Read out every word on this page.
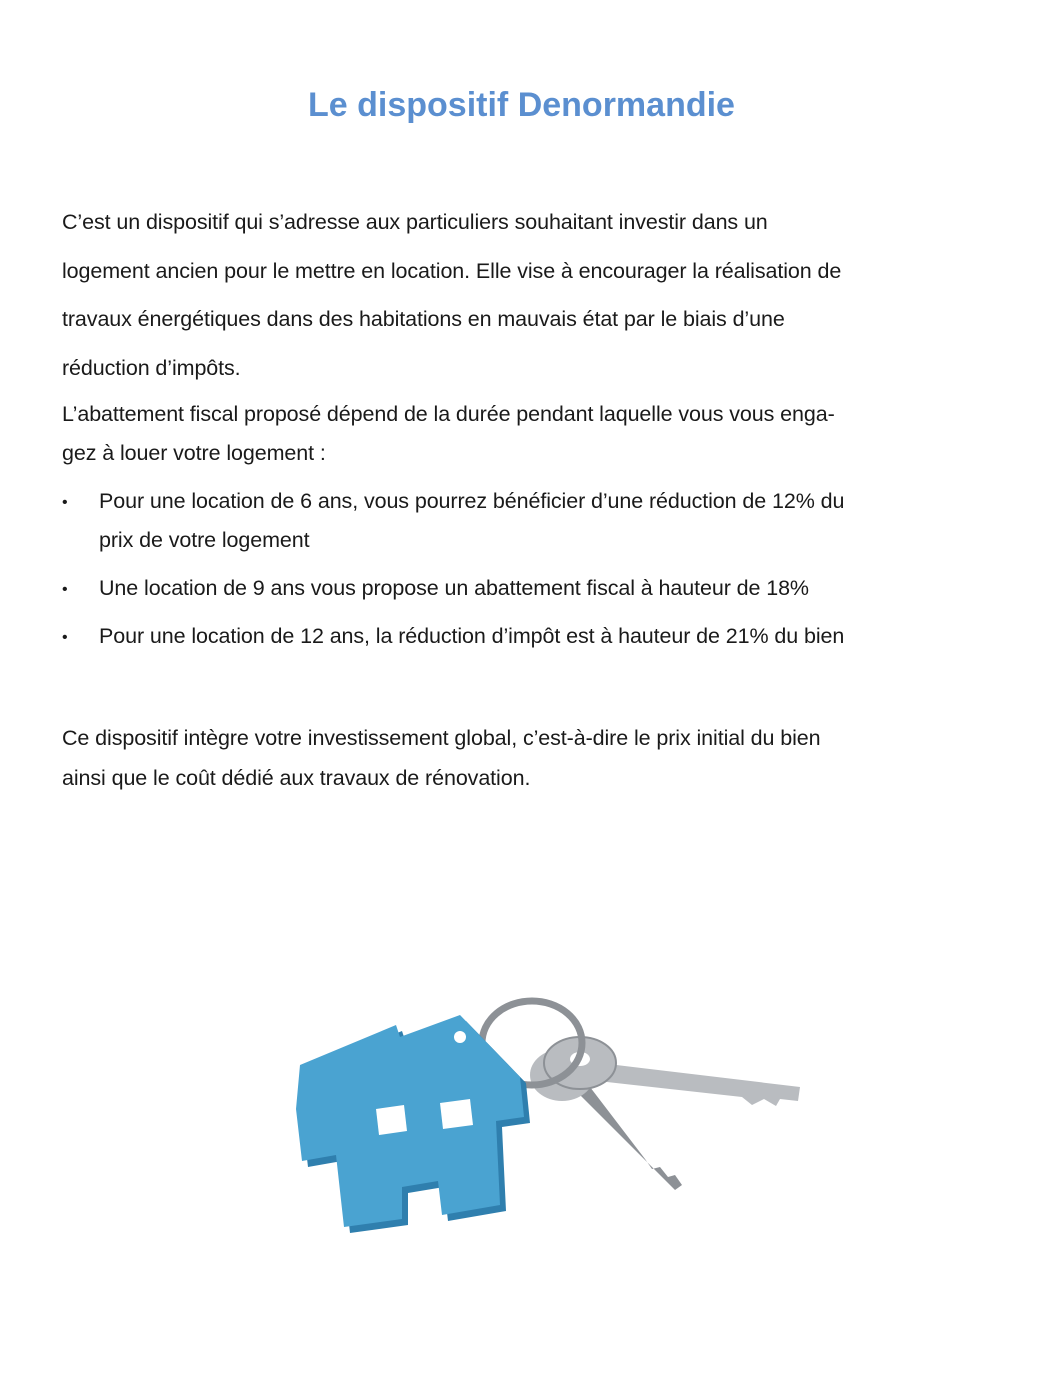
Le dispositif Denormandie

C’est un dispositif qui s’adresse aux particuliers souhaitant investir dans un
logement ancien pour le mettre en location. Elle vise à encourager la réalisation de
travaux énergétiques dans des habitations en mauvais état par le biais d’une
réduction d’impôts.

L’abattement fiscal proposé dépend de la durée pendant laquelle vous vous enga-
gez à louer votre logement :

• Pour une location de 6 ans, vous pourrez bénéficier d’une réduction de 12% du
prix de votre logement
• Une location de 9 ans vous propose un abattement fiscal à hauteur de 18%
• Pour une location de 12 ans, la réduction d’impôt est à hauteur de 21% du bien

Ce dispositif intègre votre investissement global, c’est-à-dire le prix initial du bien
ainsi que le coût dédié aux travaux de rénovation.
